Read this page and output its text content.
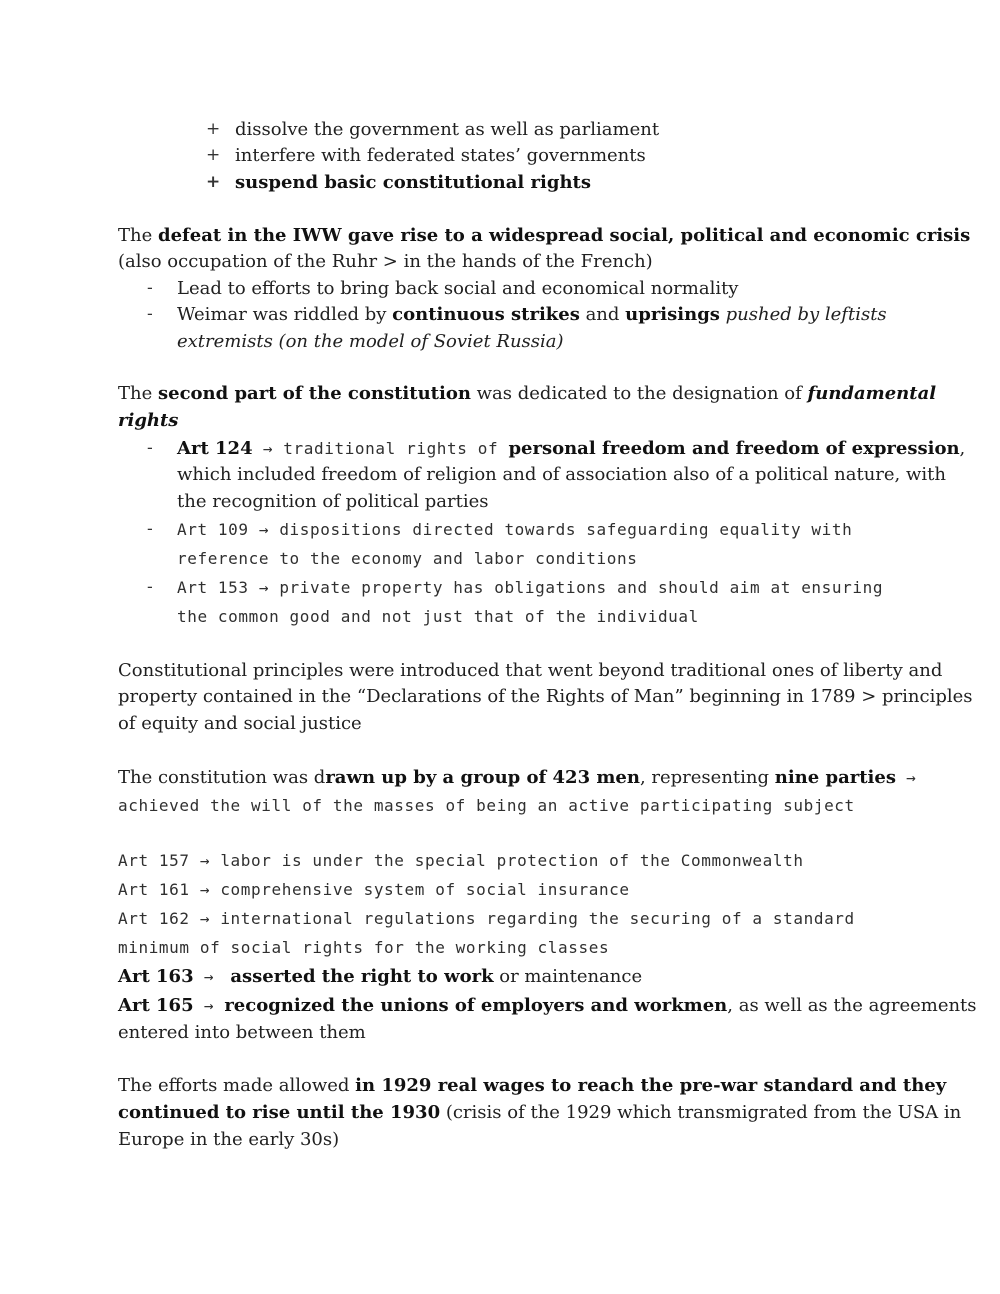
+ dissolve the government as well as parliament
+ interfere with federated states’ governments
+ suspend basic constitutional rights
The defeat in the IWW gave rise to a widespread social, political and economic crisis
(also occupation of the Ruhr > in the hands of the French)
- Lead to efforts to bring back social and economical normality
- Weimar was riddled by continuous strikes and uprisings pushed by leftists
extremists (on the model of Soviet Russia)
The second part of the constitution was dedicated to the designation of fundamental
rights
- Art 124 → traditional rights of personal freedom and freedom of expression,
which included freedom of religion and of association also of a political nature, with
the recognition of political parties
- Art 109 → dispositions directed towards safeguarding equality with
reference to the economy and labor conditions
- Art 153 → private property has obligations and should aim at ensuring
the common good and not just that of the individual
Constitutional principles were introduced that went beyond traditional ones of liberty and
property contained in the “Declarations of the Rights of Man” beginning in 1789 > principles
of equity and social justice
The constitution was drawn up by a group of 423 men, representing nine parties →
achieved the will of the masses of being an active participating subject
Art 157 → labor is under the special protection of the Commonwealth
Art 161 → comprehensive system of social insurance
Art 162 → international regulations regarding the securing of a standard
minimum of social rights for the working classes
Art 163 → asserted the right to work or maintenance
Art 165 → recognized the unions of employers and workmen, as well as the agreements
entered into between them
The efforts made allowed in 1929 real wages to reach the pre-war standard and they
continued to rise until the 1930 (crisis of the 1929 which transmigrated from the USA in
Europe in the early 30s)
